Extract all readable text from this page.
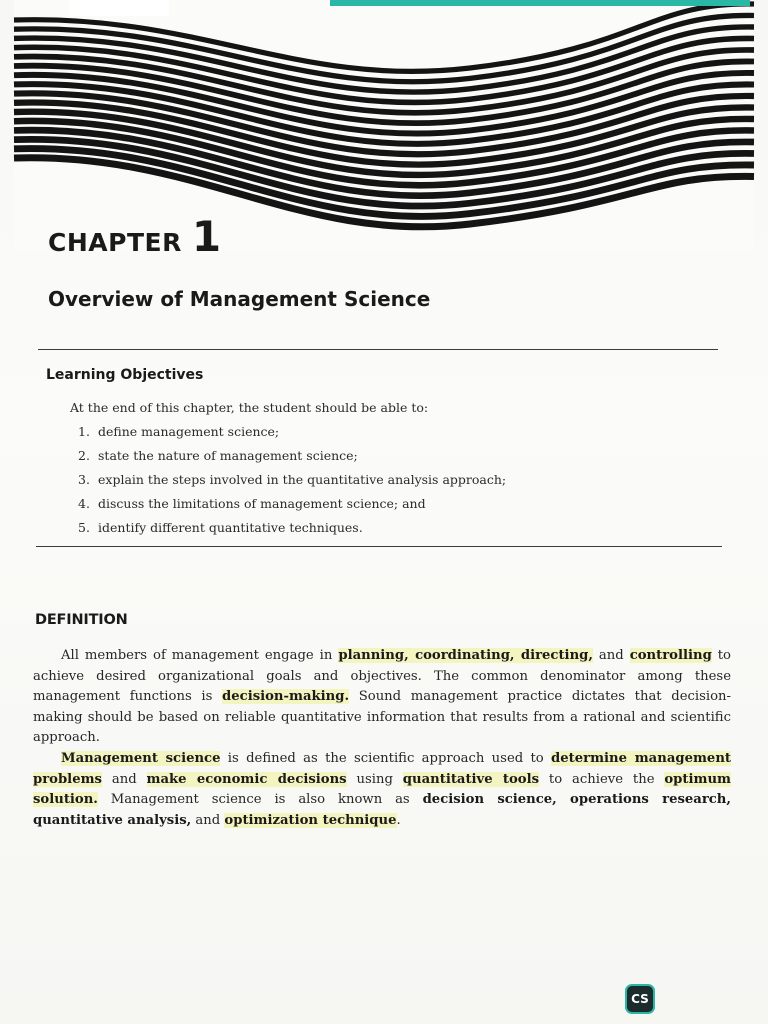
CHAPTER 1
Overview of Management Science
Learning Objectives
At the end of this chapter, the student should be able to:
1. define management science;
2. state the nature of management science;
3. explain the steps involved in the quantitative analysis approach;
4. discuss the limitations of management science; and
5. identify different quantitative techniques.
DEFINITION

All members of management engage in planning, coordinating, directing, and controlling to achieve desired organizational goals and objectives. The common denominator among these management functions is decision-making. Sound management practice dictates that decision-making should be based on reliable quantitative information that results from a rational and scientific approach.

Management science is defined as the scientific approach used to determine management problems and make economic decisions using quantitative tools to achieve the optimum solution. Management science is also known as decision science, operations research, quantitative analysis, and optimization technique.

CS
